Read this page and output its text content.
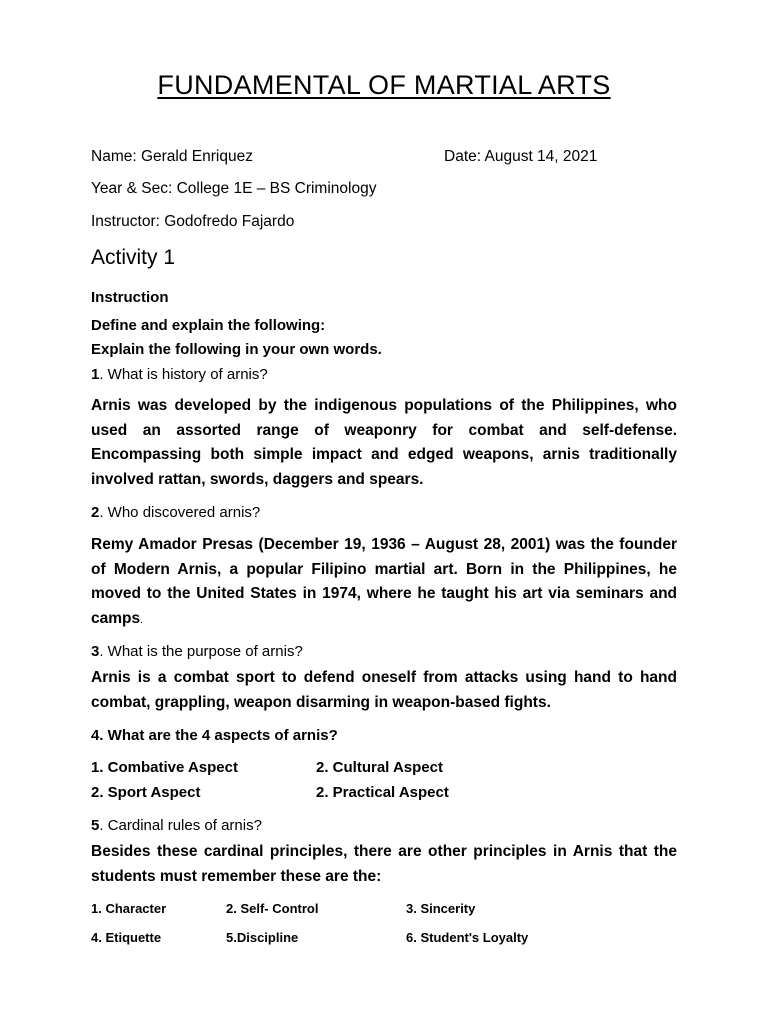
FUNDAMENTAL OF MARTIAL ARTS
Name: Gerald Enriquez	Date: August 14, 2021
Year & Sec: College 1E – BS Criminology
Instructor: Godofredo Fajardo
Activity 1
Instruction
Define and explain the following:
Explain the following in your own words.
1. What is history of arnis?
Arnis was developed by the indigenous populations of the Philippines, who used an assorted range of weaponry for combat and self-defense. Encompassing both simple impact and edged weapons, arnis traditionally involved rattan, swords, daggers and spears.
2. Who discovered arnis?
Remy Amador Presas (December 19, 1936 – August 28, 2001) was the founder of Modern Arnis, a popular Filipino martial art. Born in the Philippines, he moved to the United States in 1974, where he taught his art via seminars and camps.
3. What is the purpose of arnis?
Arnis is a combat sport to defend oneself from attacks using hand to hand combat, grappling, weapon disarming in weapon-based fights.
4. What are the 4 aspects of arnis?
1. Combative Aspect	2. Cultural Aspect
2. Sport Aspect	2. Practical Aspect
5. Cardinal rules of arnis?
Besides these cardinal principles, there are other principles in Arnis that the students must remember these are the:
1. Character	2. Self- Control	3. Sincerity
4. Etiquette	5.Discipline	6. Student's Loyalty
